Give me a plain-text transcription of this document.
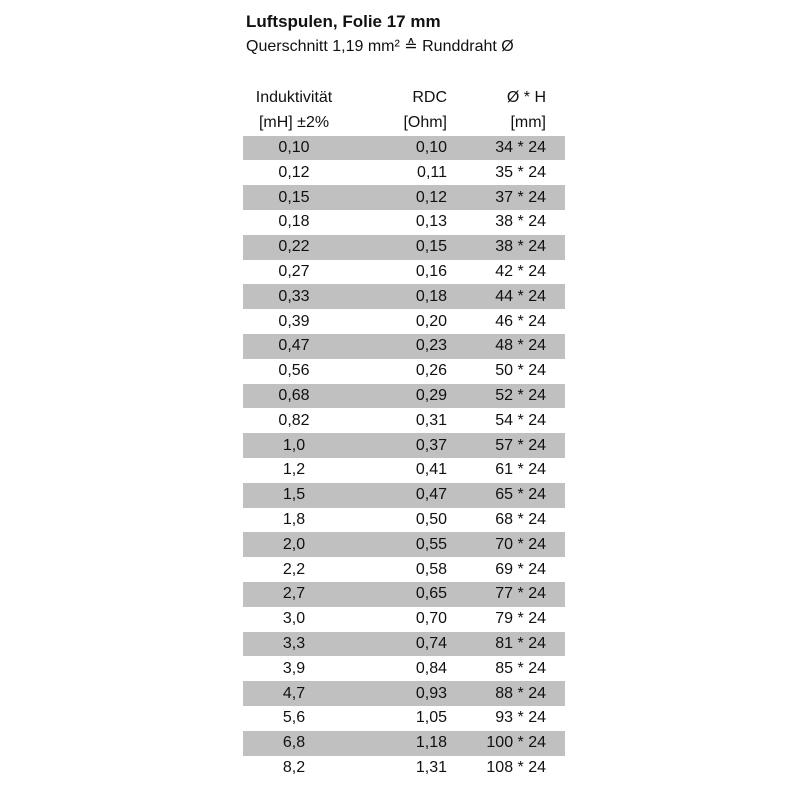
Luftspulen, Folie 17 mm
Querschnitt 1,19 mm² ≙ Runddraht Ø
Induktivität	RDC	Ø * H
[mH] ±2%	[Ohm]	[mm]
0,10	0,10	34 * 24
0,12	0,11	35 * 24
0,15	0,12	37 * 24
0,18	0,13	38 * 24
0,22	0,15	38 * 24
0,27	0,16	42 * 24
0,33	0,18	44 * 24
0,39	0,20	46 * 24
0,47	0,23	48 * 24
0,56	0,26	50 * 24
0,68	0,29	52 * 24
0,82	0,31	54 * 24
1,0	0,37	57 * 24
1,2	0,41	61 * 24
1,5	0,47	65 * 24
1,8	0,50	68 * 24
2,0	0,55	70 * 24
2,2	0,58	69 * 24
2,7	0,65	77 * 24
3,0	0,70	79 * 24
3,3	0,74	81 * 24
3,9	0,84	85 * 24
4,7	0,93	88 * 24
5,6	1,05	93 * 24
6,8	1,18	100 * 24
8,2	1,31	108 * 24
